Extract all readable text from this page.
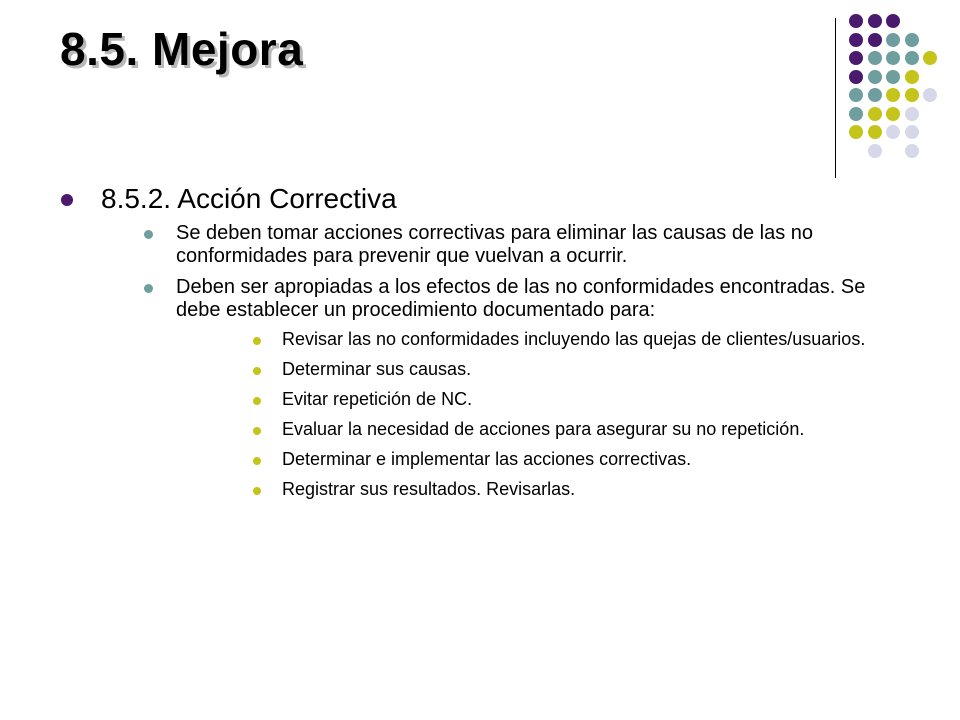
8.5. Mejora
8.5.2. Acción Correctiva
Se deben tomar acciones correctivas para eliminar las causas de las no conformidades para prevenir que vuelvan a ocurrir.
Deben ser apropiadas a los efectos de las no conformidades encontradas. Se debe establecer un procedimiento documentado para:
Revisar las no conformidades incluyendo las quejas de clientes/usuarios.
Determinar sus causas.
Evitar repetición de NC.
Evaluar la necesidad de acciones para asegurar su no repetición.
Determinar e implementar las acciones correctivas.
Registrar sus resultados. Revisarlas.
